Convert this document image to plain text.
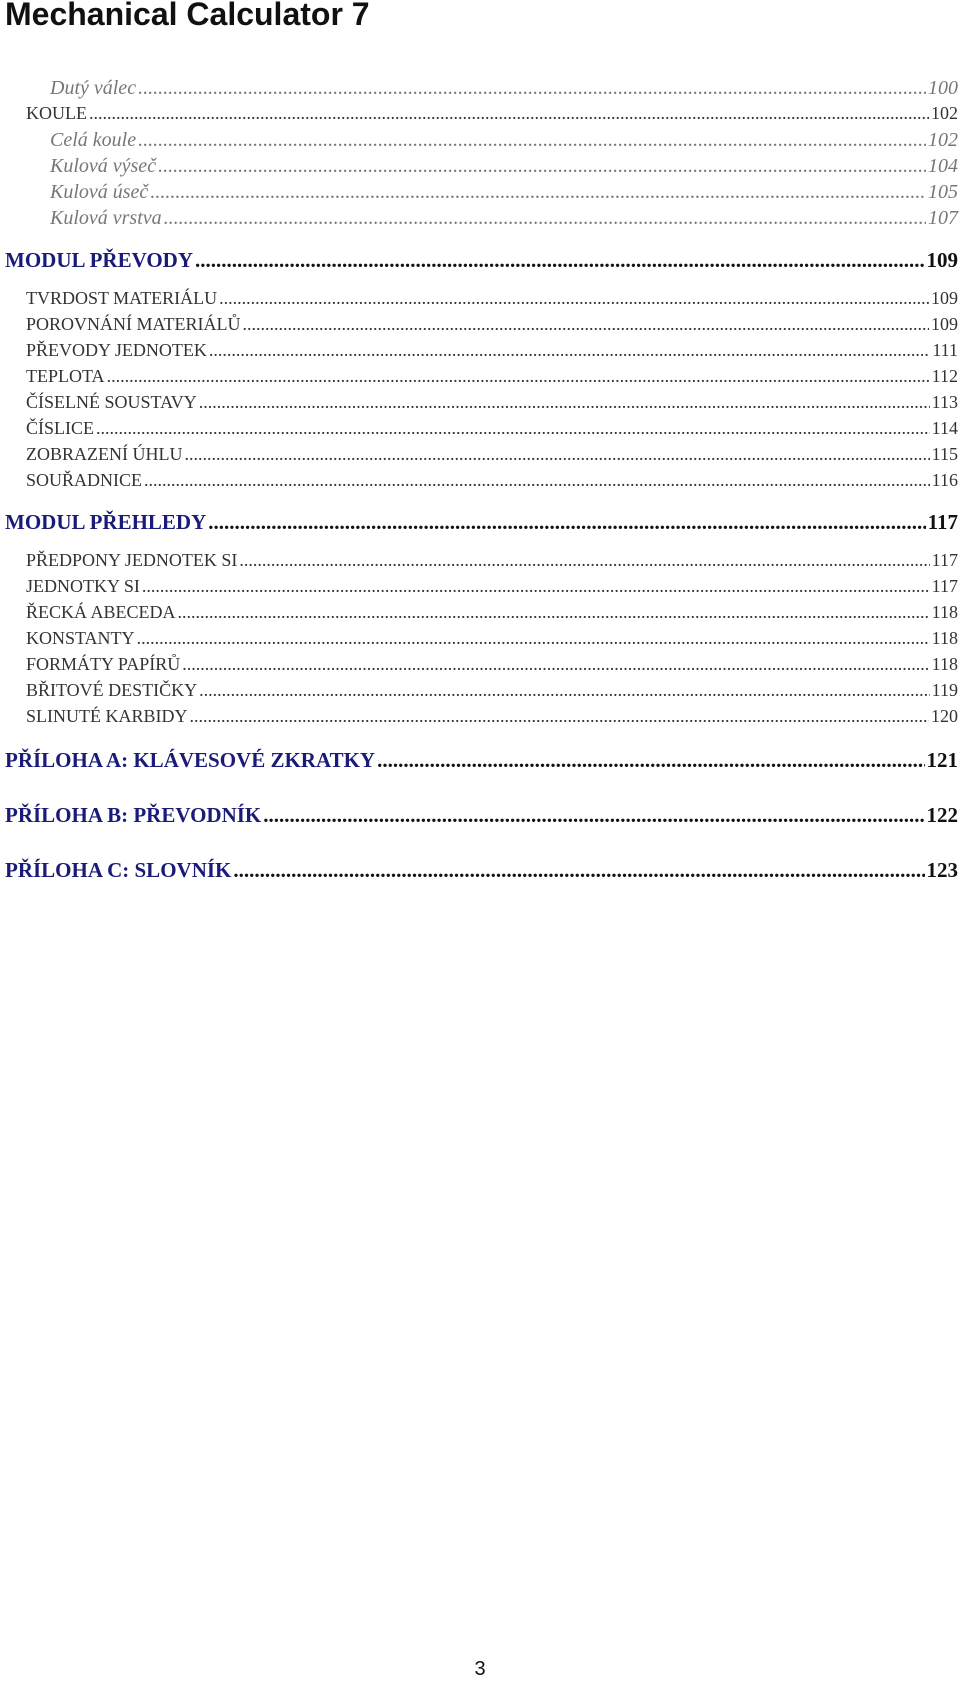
Mechanical Calculator 7
Dutý válec .....	100
KOULE .....	102
Celá koule .....	102
Kulová výseč .....	104
Kulová úseč .....	105
Kulová vrstva .....	107
MODUL PŘEVODY .....	109
TVRDOST MATERIÁLU .....	109
POROVNÁNÍ MATERIÁLŮ .....	109
PŘEVODY JEDNOTEK .....	111
TEPLOTA .....	112
ČÍSELNÉ SOUSTAVY .....	113
ČÍSLICE .....	114
ZOBRAZENÍ ÚHLU .....	115
SOUŘADNICE .....	116
MODUL PŘEHLEDY .....	117
PŘEDPONY JEDNOTEK SI .....	117
JEDNOTKY SI .....	117
ŘECKÁ ABECEDA .....	118
KONSTANTY .....	118
FORMÁTY PAPÍRŮ .....	118
BŘITOVÉ DESTIČKY .....	119
SLINUTÉ KARBIDY .....	120
PŘÍLOHA A: KLÁVESOVÉ ZKRATKY .....	121
PŘÍLOHA B: PŘEVODNÍK .....	122
PŘÍLOHA C: SLOVNÍK .....	123
3
